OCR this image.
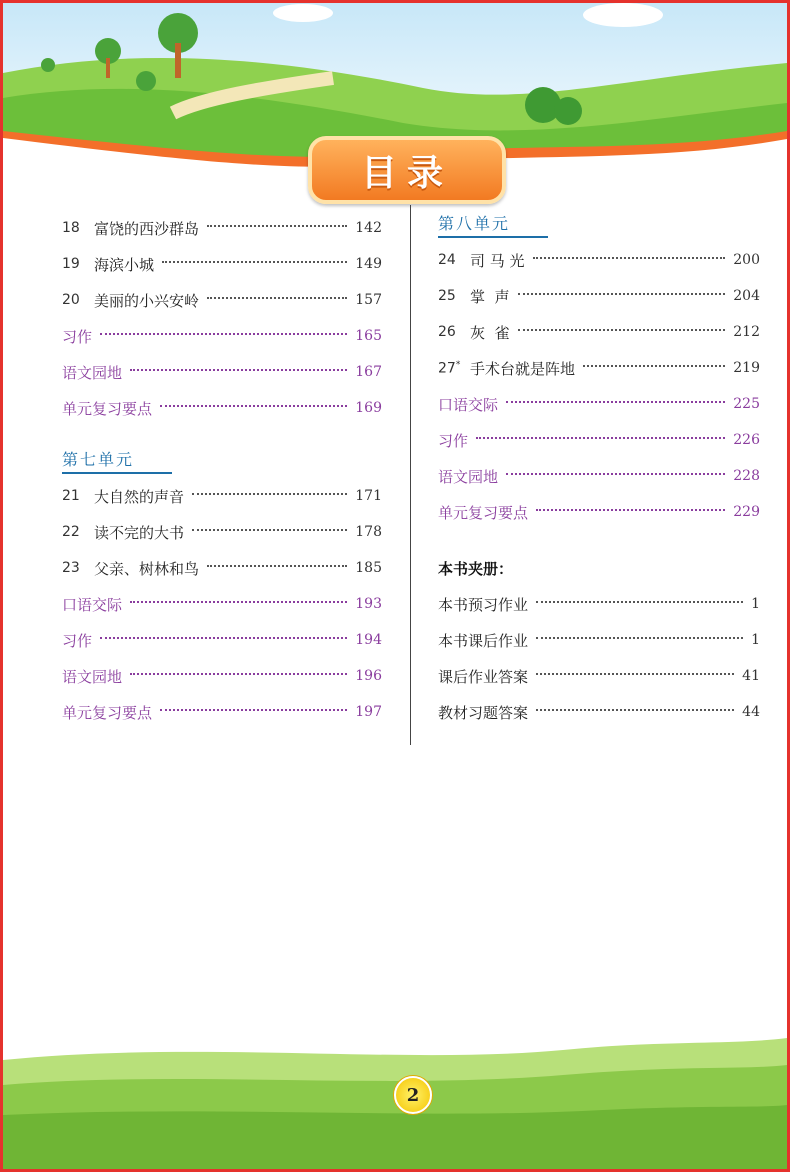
目录
18 富饶的西沙群岛	142
19 海滨小城	149
20 美丽的小兴安岭	157
习作	165
语文园地	167
单元复习要点	169
第七单元
21 大自然的声音	171
22 读不完的大书	178
23 父亲、树林和鸟	185
口语交际	193
习作	194
语文园地	196
单元复习要点	197
第八单元
24 司 马 光	200
25 掌  声	204
26 灰  雀	212
27* 手术台就是阵地	219
口语交际	225
习作	226
语文园地	228
单元复习要点	229
本书夹册：
本书预习作业	1
本书课后作业	1
课后作业答案	41
教材习题答案	44
2
